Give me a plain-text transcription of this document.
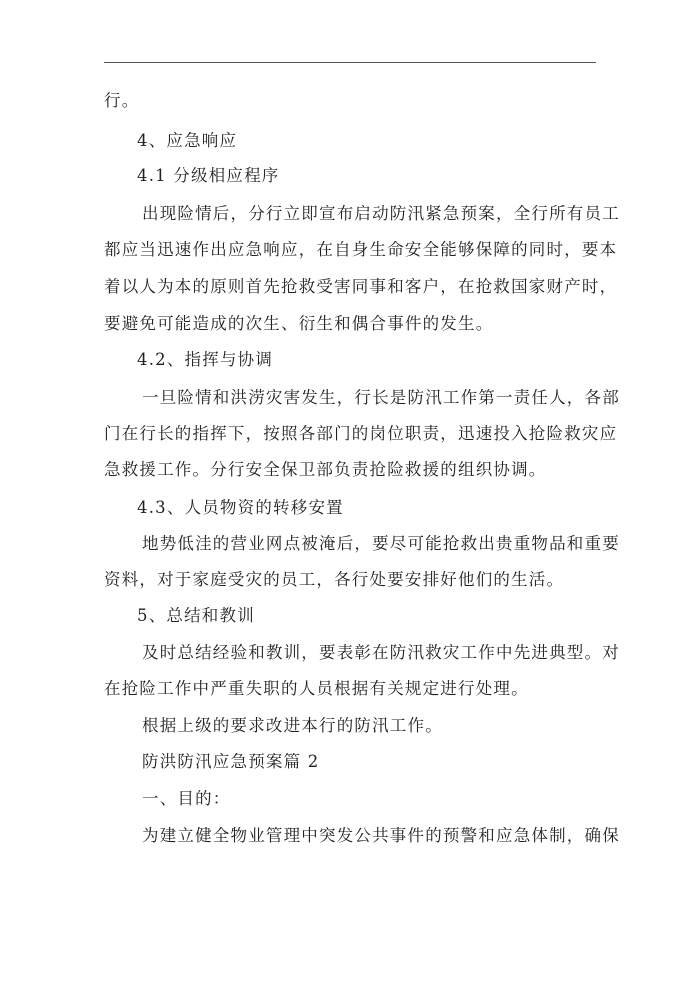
行。
4、应急响应
4.1 分级相应程序
出现险情后，分行立即宣布启动防汛紧急预案，全行所有员工
都应当迅速作出应急响应，在自身生命安全能够保障的同时，要本
着以人为本的原则首先抢救受害同事和客户，在抢救国家财产时，
要避免可能造成的次生、衍生和偶合事件的发生。
4.2、指挥与协调
一旦险情和洪涝灾害发生，行长是防汛工作第一责任人，各部
门在行长的指挥下，按照各部门的岗位职责，迅速投入抢险救灾应
急救援工作。分行安全保卫部负责抢险救援的组织协调。
4.3、人员物资的转移安置
地势低洼的营业网点被淹后，要尽可能抢救出贵重物品和重要
资料，对于家庭受灾的员工，各行处要安排好他们的生活。
5、总结和教训
及时总结经验和教训，要表彰在防汛救灾工作中先进典型。对
在抢险工作中严重失职的人员根据有关规定进行处理。
根据上级的要求改进本行的防汛工作。
防洪防汛应急预案篇 2
一、目的：
为建立健全物业管理中突发公共事件的预警和应急体制，确保
